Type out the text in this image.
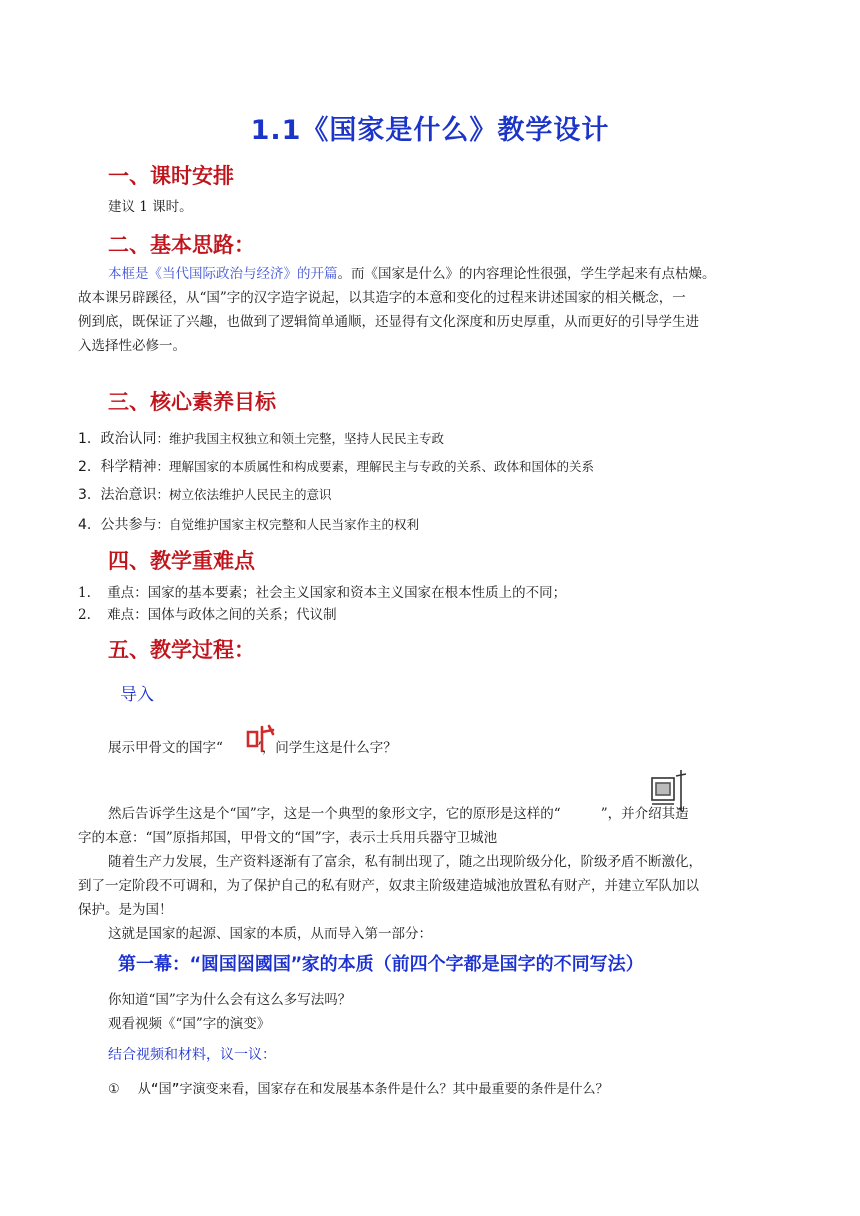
1.1《国家是什么》教学设计
一、课时安排
建议 1 课时。
二、基本思路：
本框是《当代国际政治与经济》的开篇。而《国家是什么》的内容理论性很强，学生学起来有点枯燥。
故本课另辟蹊径，从“国”字的汉字造字说起，以其造字的本意和变化的过程来讲述国家的相关概念，一
例到底，既保证了兴趣，也做到了逻辑简单通顺，还显得有文化深度和历史厚重，从而更好的引导学生进
入选择性必修一。
三、核心素养目标
1. 政治认同：维护我国主权独立和领土完整，坚持人民民主专政
2. 科学精神：理解国家的本质属性和构成要素，理解民主与专政的关系、政体和国体的关系
3. 法治意识：树立依法维护人民民主的意识
4. 公共参与：自觉维护国家主权完整和人民当家作主的权利
四、教学重难点
1. 重点：国家的基本要素；社会主义国家和资本主义国家在根本性质上的不同；
2. 难点：国体与政体之间的关系；代议制
五、教学过程：
导入
展示甲骨文的国字“ ”，问学生这是什么字？
然后告诉学生这是个“国”字，这是一个典型的象形文字，它的原形是这样的“	”，并介绍其造
字的本意：“国”原指邦国，甲骨文的“国”字，表示士兵用兵器守卫城池
随着生产力发展，生产资料逐渐有了富余，私有制出现了，随之出现阶级分化，阶级矛盾不断激化，
到了一定阶段不可调和，为了保护自己的私有财产，奴隶主阶级建造城池放置私有财产，并建立军队加以
保护。是为国！
这就是国家的起源、国家的本质，从而导入第一部分：
第一幕：“囻国囶國国”家的本质（前四个字都是国字的不同写法）
你知道“国”字为什么会有这么多写法吗？
观看视频《“国”字的演变》
结合视频和材料，议一议：
① 从“国”字演变来看，国家存在和发展基本条件是什么？其中最重要的条件是什么？
